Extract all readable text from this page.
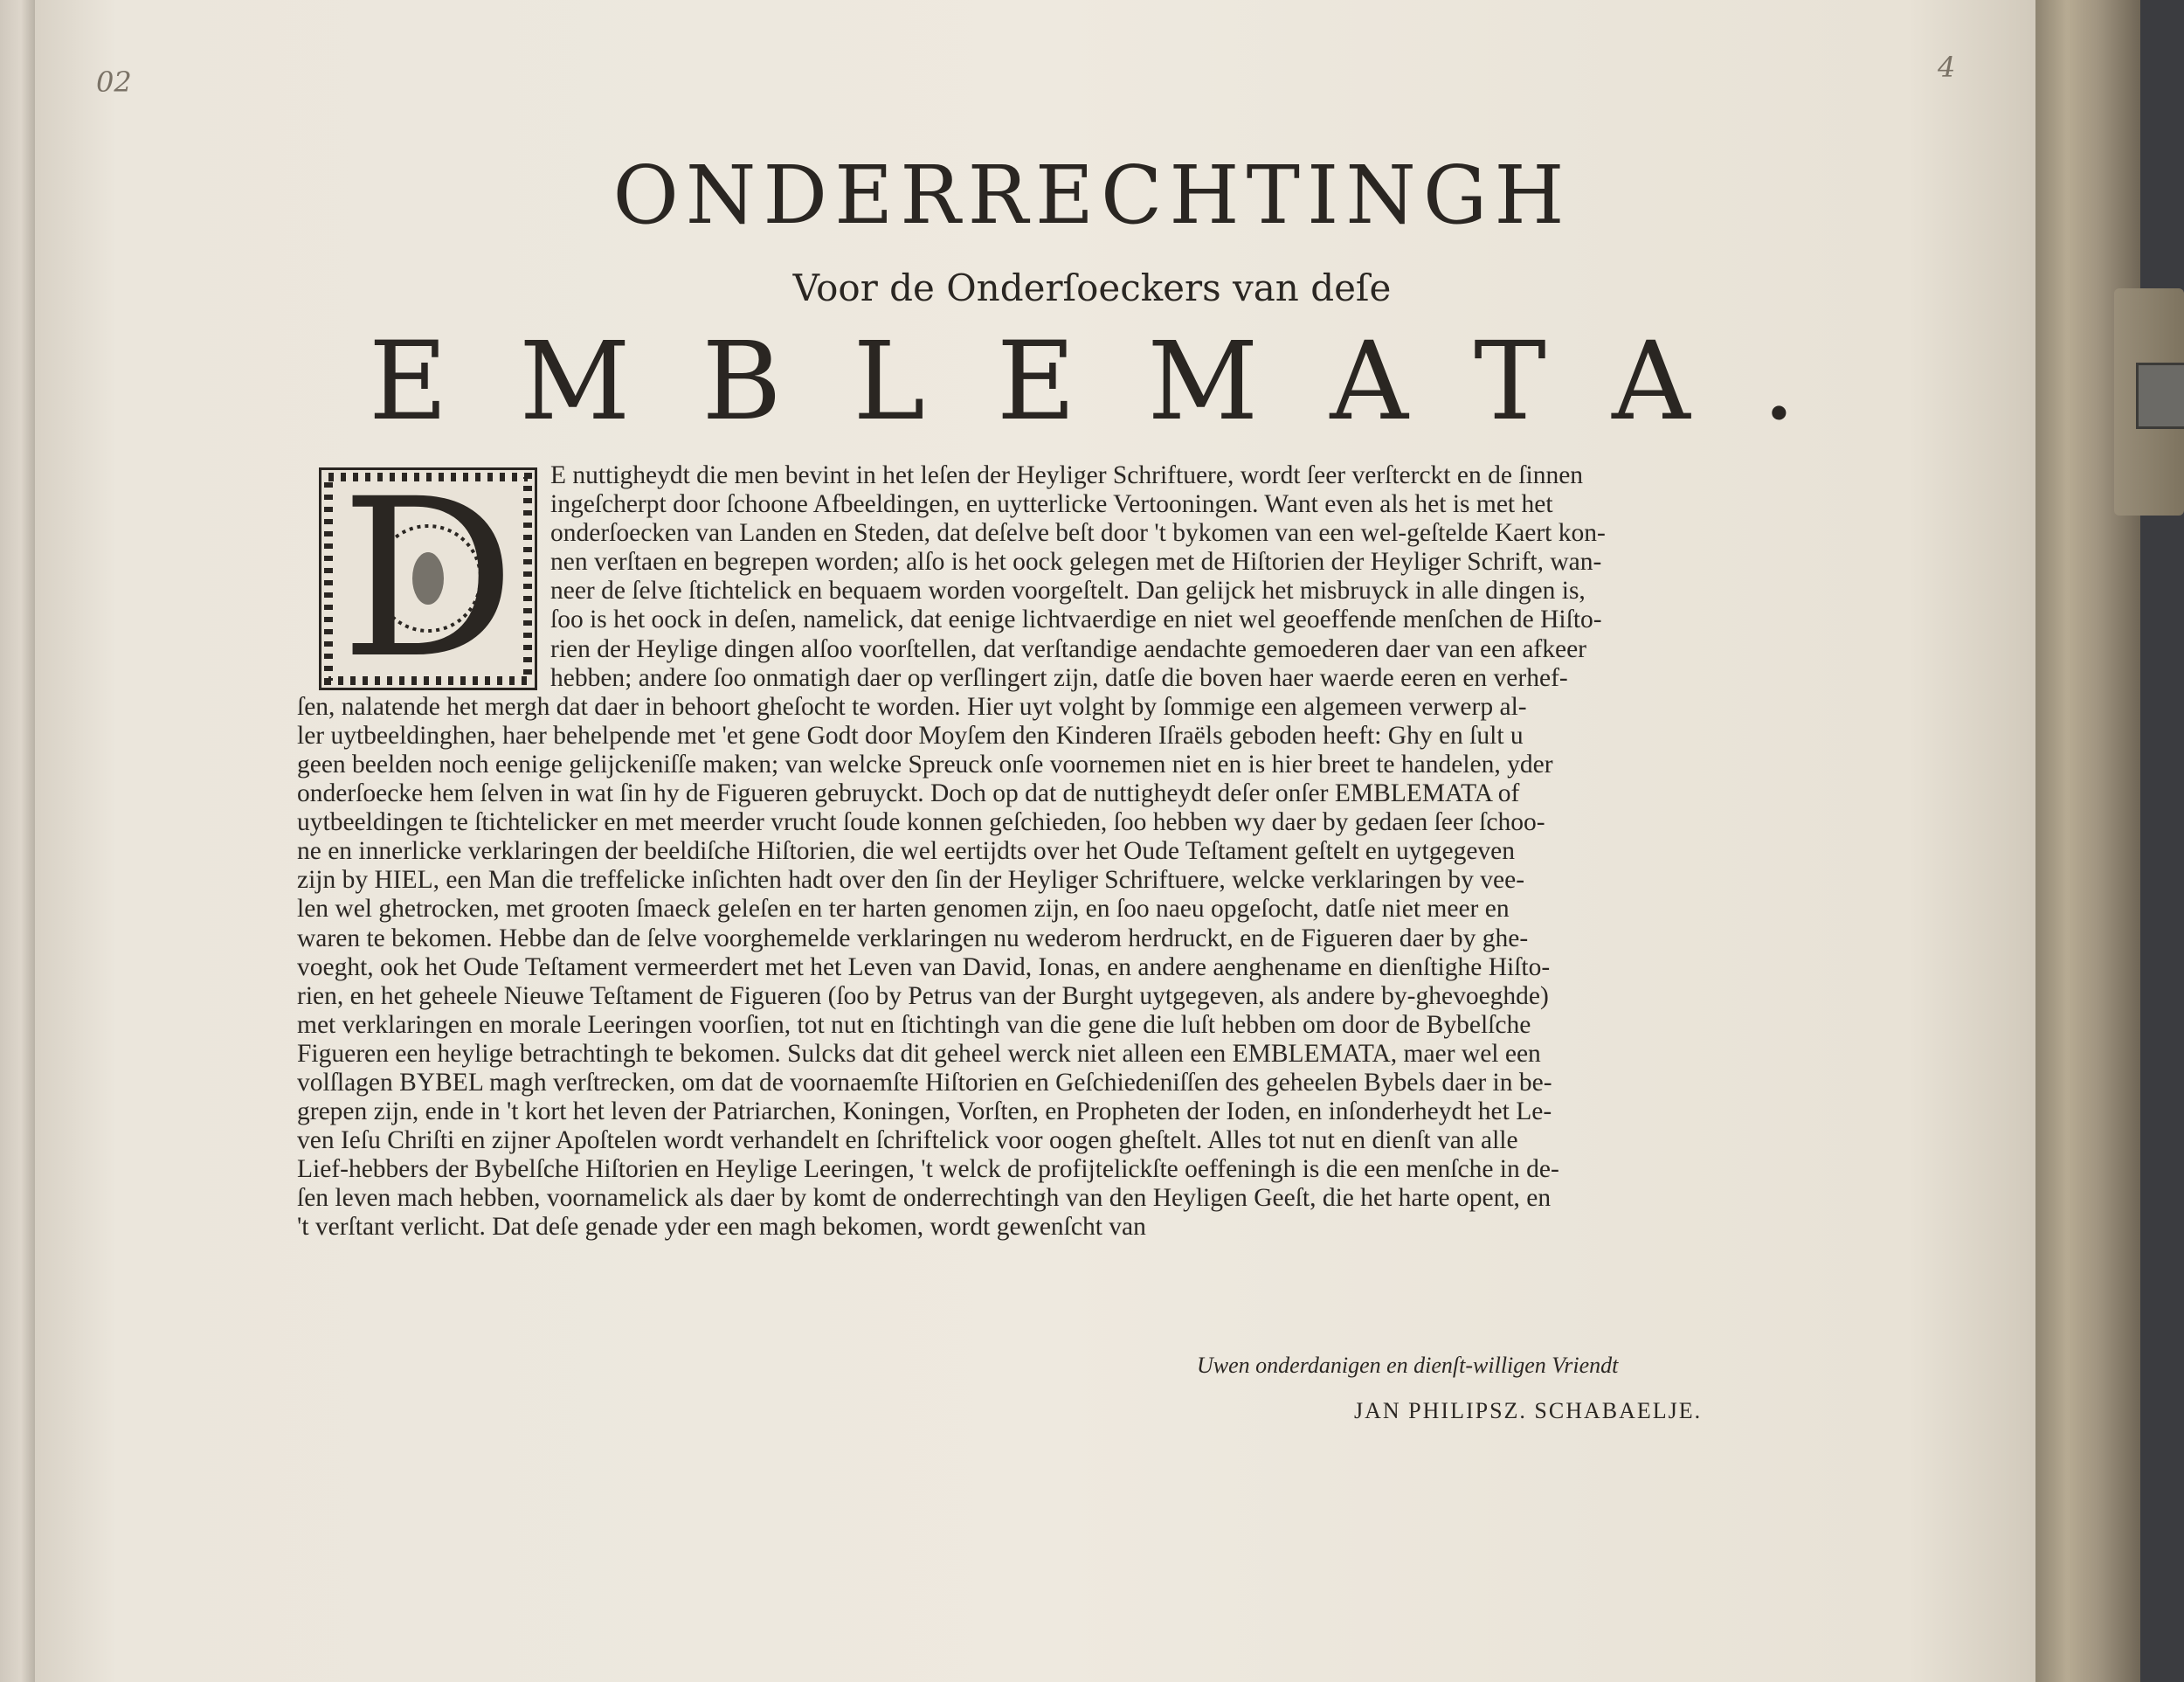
02	4
ONDERRECHTINGH
Voor de Onderſoeckers van deſe
EMBLEMATA.
D	E nuttigheydt die men bevint in het leſen der Heyliger Schriftuere, wordt ſeer verſterckt en de ſinnen
ingeſcherpt door ſchoone Afbeeldingen, en uytterlicke Vertooningen. Want even als het is met het
onderſoecken van Landen en Steden, dat deſelve beſt door 't bykomen van een wel-geſtelde Kaert kon-
nen verſtaen en begrepen worden; alſo is het oock gelegen met de Hiſtorien der Heyliger Schrift, wan-
neer de ſelve ſtichtelick en bequaem worden voorgeſtelt. Dan gelijck het misbruyck in alle dingen is,
ſoo is het oock in deſen, namelick, dat eenige lichtvaerdige en niet wel geoeffende menſchen de Hiſto-
rien der Heylige dingen alſoo voorſtellen, dat verſtandige aendachte gemoederen daer van een afkeer
hebben; andere ſoo onmatigh daer op verſlingert zijn, datſe die boven haer waerde eeren en verhef-
ſen, nalatende het mergh dat daer in behoort gheſocht te worden. Hier uyt volght by ſommige een algemeen verwerp al-
ler uytbeeldinghen, haer behelpende met 'et gene Godt door Moyſem den Kinderen Iſraëls geboden heeft: Ghy en ſult u
geen beelden noch eenige gelijckeniſſe maken; van welcke Spreuck onſe voornemen niet en is hier breet te handelen, yder
onderſoecke hem ſelven in wat ſin hy de Figueren gebruyckt. Doch op dat de nuttigheydt deſer onſer EMBLEMATA of
uytbeeldingen te ſtichtelicker en met meerder vrucht ſoude konnen geſchieden, ſoo hebben wy daer by gedaen ſeer ſchoo-
ne en innerlicke verklaringen der beeldiſche Hiſtorien, die wel eertijdts over het Oude Teſtament geſtelt en uytgegeven
zijn by HIEL, een Man die treffelicke inſichten hadt over den ſin der Heyliger Schriftuere, welcke verklaringen by vee-
len wel ghetrocken, met grooten ſmaeck geleſen en ter harten genomen zijn, en ſoo naeu opgeſocht, datſe niet meer en
waren te bekomen. Hebbe dan de ſelve voorghemelde verklaringen nu wederom herdruckt, en de Figueren daer by ghe-
voeght, ook het Oude Teſtament vermeerdert met het Leven van David, Ionas, en andere aenghename en dienſtighe Hiſto-
rien, en het geheele Nieuwe Teſtament de Figueren (ſoo by Petrus van der Burght uytgegeven, als andere by-ghevoeghde)
met verklaringen en morale Leeringen voorſien, tot nut en ſtichtingh van die gene die luſt hebben om door de Bybelſche
Figueren een heylige betrachtingh te bekomen. Sulcks dat dit geheel werck niet alleen een EMBLEMATA, maer wel een
volſlagen BYBEL magh verſtrecken, om dat de voornaemſte Hiſtorien en Geſchiedeniſſen des geheelen Bybels daer in be-
grepen zijn, ende in 't kort het leven der Patriarchen, Koningen, Vorſten, en Propheten der Ioden, en inſonderheydt het Le-
ven Ieſu Chriſti en zijner Apoſtelen wordt verhandelt en ſchriftelick voor oogen gheſtelt. Alles tot nut en dienſt van alle
Lief-hebbers der Bybelſche Hiſtorien en Heylige Leeringen, 't welck de profijtelickſte oeffeningh is die een menſche in de-
ſen leven mach hebben, voornamelick als daer by komt de onderrechtingh van den Heyligen Geeſt, die het harte opent, en
't verſtant verlicht. Dat deſe genade yder een magh bekomen, wordt gewenſcht van
Uwen onderdanigen en dienſt-willigen Vriendt
JAN PHILIPSZ. SCHABAELJE.
